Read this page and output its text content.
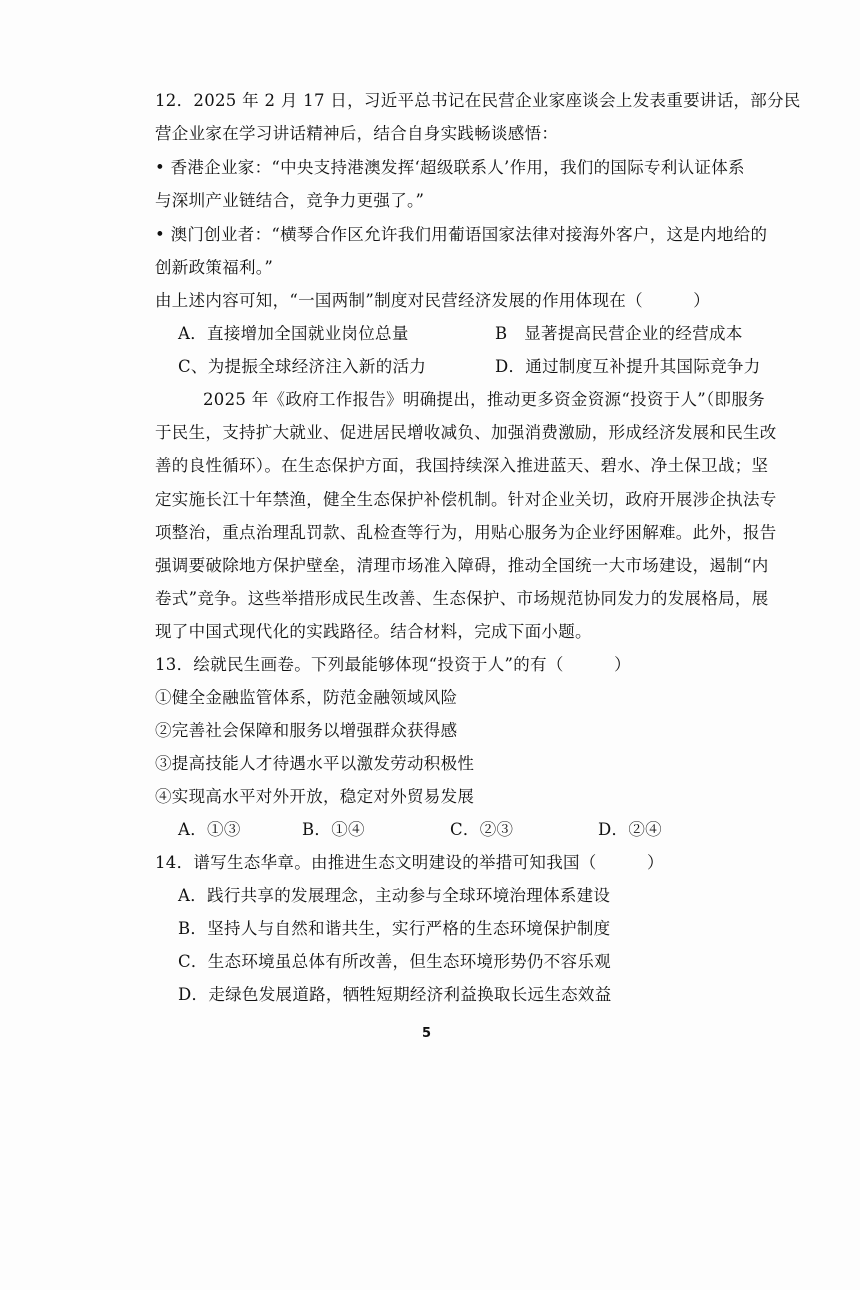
12．2025 年 2 月 17 日，习近平总书记在民营企业家座谈会上发表重要讲话，部分民
营企业家在学习讲话精神后，结合自身实践畅谈感悟：
• 香港企业家：“中央支持港澳发挥‘超级联系人’作用，我们的国际专利认证体系
与深圳产业链结合，竞争力更强了。”
• 澳门创业者：“横琴合作区允许我们用葡语国家法律对接海外客户，这是内地给的
创新政策福利。”
由上述内容可知，“一国两制”制度对民营经济发展的作用体现在（　　　）
A．直接增加全国就业岗位总量	B　显著提高民营企业的经营成本
C、为提振全球经济注入新的活力	D．通过制度互补提升其国际竞争力
2025 年《政府工作报告》明确提出，推动更多资金资源“投资于人”（即服务
于民生，支持扩大就业、促进居民增收减负、加强消费激励，形成经济发展和民生改
善的良性循环）。在生态保护方面，我国持续深入推进蓝天、碧水、净土保卫战；坚
定实施长江十年禁渔，健全生态保护补偿机制。针对企业关切，政府开展涉企执法专
项整治，重点治理乱罚款、乱检查等行为，用贴心服务为企业纾困解难。此外，报告
强调要破除地方保护壁垒，清理市场准入障碍，推动全国统一大市场建设，遏制“内
卷式”竞争。这些举措形成民生改善、生态保护、市场规范协同发力的发展格局，展
现了中国式现代化的实践路径。结合材料，完成下面小题。
13．绘就民生画卷。下列最能够体现“投资于人”的有（　　　）
①健全金融监管体系，防范金融领域风险
②完善社会保障和服务以增强群众获得感
③提高技能人才待遇水平以激发劳动积极性
④实现高水平对外开放，稳定对外贸易发展
A．①③	B．①④	C．②③	D．②④
14．谱写生态华章。由推进生态文明建设的举措可知我国（　　　）
A．践行共享的发展理念，主动参与全球环境治理体系建设
B．坚持人与自然和谐共生，实行严格的生态环境保护制度
C．生态环境虽总体有所改善，但生态环境形势仍不容乐观
D．走绿色发展道路，牺牲短期经济利益换取长远生态效益
5
